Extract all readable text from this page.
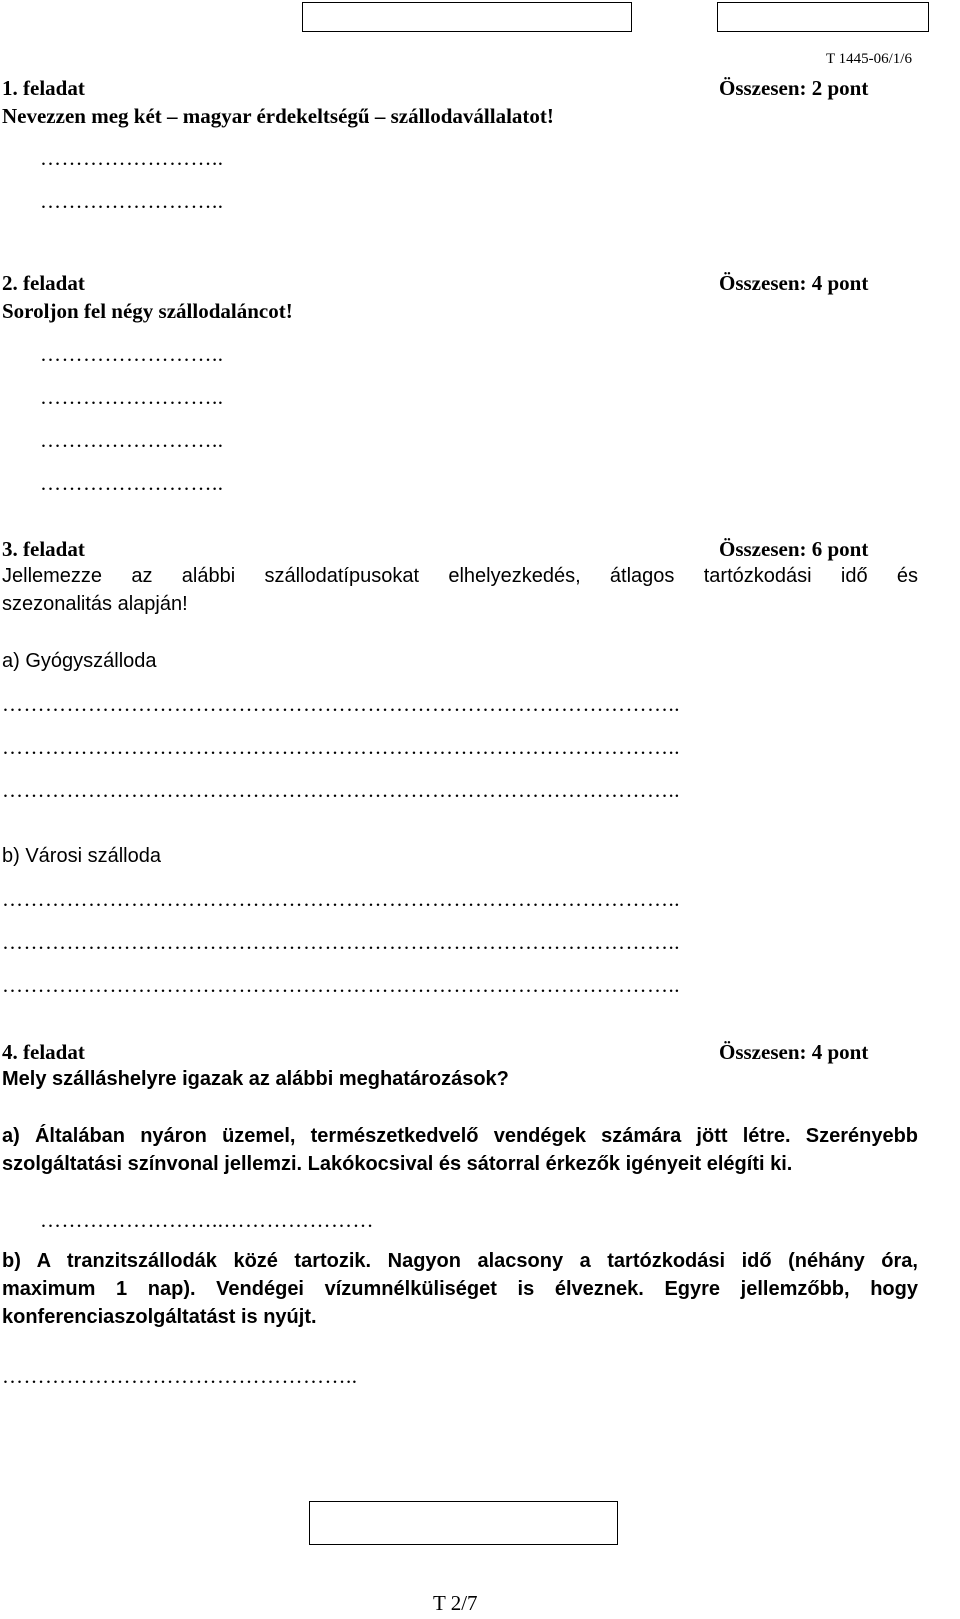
T 1445-06/1/6
1. feladat	Összesen: 2 pont
Nevezzen meg két – magyar érdekeltségű – szállodavállalatot!
……………………..
……………………..
2. feladat	Összesen: 4 pont
Soroljon fel négy szállodaláncot!
……………………..
……………………..
……………………..
……………………..
3. feladat	Összesen: 6 pont
Jellemezze az alábbi szállodatípusokat elhelyezkedés, átlagos tartózkodási idő és
szezonalitás alapján!
a) Gyógyszálloda
…………………………………………………………………………………..
…………………………………………………………………………………..
…………………………………………………………………………………..
b) Városi szálloda
…………………………………………………………………………………..
…………………………………………………………………………………..
…………………………………………………………………………………..
4. feladat	Összesen: 4 pont
Mely szálláshelyre igazak az alábbi meghatározások?
a) Általában nyáron üzemel, természetkedvelő vendégek számára jött létre. Szerényebb
szolgáltatási színvonal jellemzi. Lakókocsival és sátorral érkezők igényeit elégíti ki.
……………………..…………………
b) A tranzitszállodák közé tartozik. Nagyon alacsony a tartózkodási idő (néhány óra,
maximum 1 nap). Vendégei vízumnélküliséget is élveznek. Egyre jellemzőbb, hogy
konferenciaszolgáltatást is nyújt.
…………………………………………..
T 2/7
